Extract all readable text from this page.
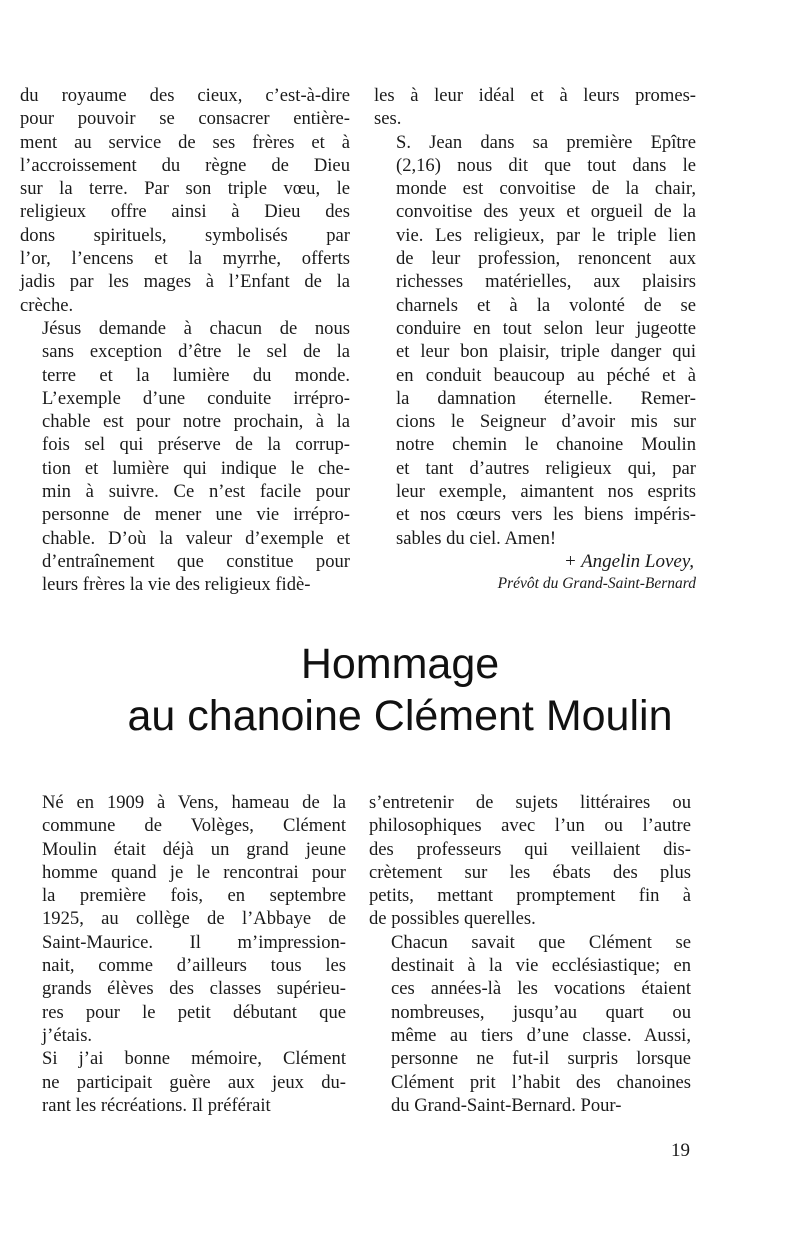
du royaume des cieux, c’est-à-dire
pour pouvoir se consacrer entière-
ment au service de ses frères et à
l’accroissement du règne de Dieu
sur la terre. Par son triple vœu, le
religieux offre ainsi à Dieu des
dons spirituels, symbolisés par
l’or, l’encens et la myrrhe, offerts
jadis par les mages à l’Enfant de la
crèche.

Jésus demande à chacun de nous
sans exception d’être le sel de la
terre et la lumière du monde.
L’exemple d’une conduite irrépro-
chable est pour notre prochain, à la
fois sel qui préserve de la corrup-
tion et lumière qui indique le che-
min à suivre. Ce n’est facile pour
personne de mener une vie irrépro-
chable. D’où la valeur d’exemple et
d’entraînement que constitue pour
leurs frères la vie des religieux fidè-

les à leur idéal et à leurs promes-
ses.

S. Jean dans sa première Epître
(2,16) nous dit que tout dans le
monde est convoitise de la chair,
convoitise des yeux et orgueil de la
vie. Les religieux, par le triple lien
de leur profession, renoncent aux
richesses matérielles, aux plaisirs
charnels et à la volonté de se
conduire en tout selon leur jugeotte
et leur bon plaisir, triple danger qui
en conduit beaucoup au péché et à
la damnation éternelle. Remer-
cions le Seigneur d’avoir mis sur
notre chemin le chanoine Moulin
et tant d’autres religieux qui, par
leur exemple, aimantent nos esprits
et nos cœurs vers les biens impéris-
sables du ciel. Amen!

+ Angelin Lovey,
Prévôt du Grand-Saint-Bernard
Hommage
au chanoine Clément Moulin

Né en 1909 à Vens, hameau de la
commune de Volèges, Clément
Moulin était déjà un grand jeune
homme quand je le rencontrai pour
la première fois, en septembre
1925, au collège de l’Abbaye de
Saint-Maurice. Il m’impression-
nait, comme d’ailleurs tous les
grands élèves des classes supérieu-
res pour le petit débutant que
j’étais.

Si j’ai bonne mémoire, Clément
ne participait guère aux jeux du-
rant les récréations. Il préférait

s’entretenir de sujets littéraires ou
philosophiques avec l’un ou l’autre
des professeurs qui veillaient dis-
crètement sur les ébats des plus
petits, mettant promptement fin à
de possibles querelles.

Chacun savait que Clément se
destinait à la vie ecclésiastique; en
ces années-là les vocations étaient
nombreuses, jusqu’au quart ou
même au tiers d’une classe. Aussi,
personne ne fut-il surpris lorsque
Clément prit l’habit des chanoines
du Grand-Saint-Bernard. Pour-

19
